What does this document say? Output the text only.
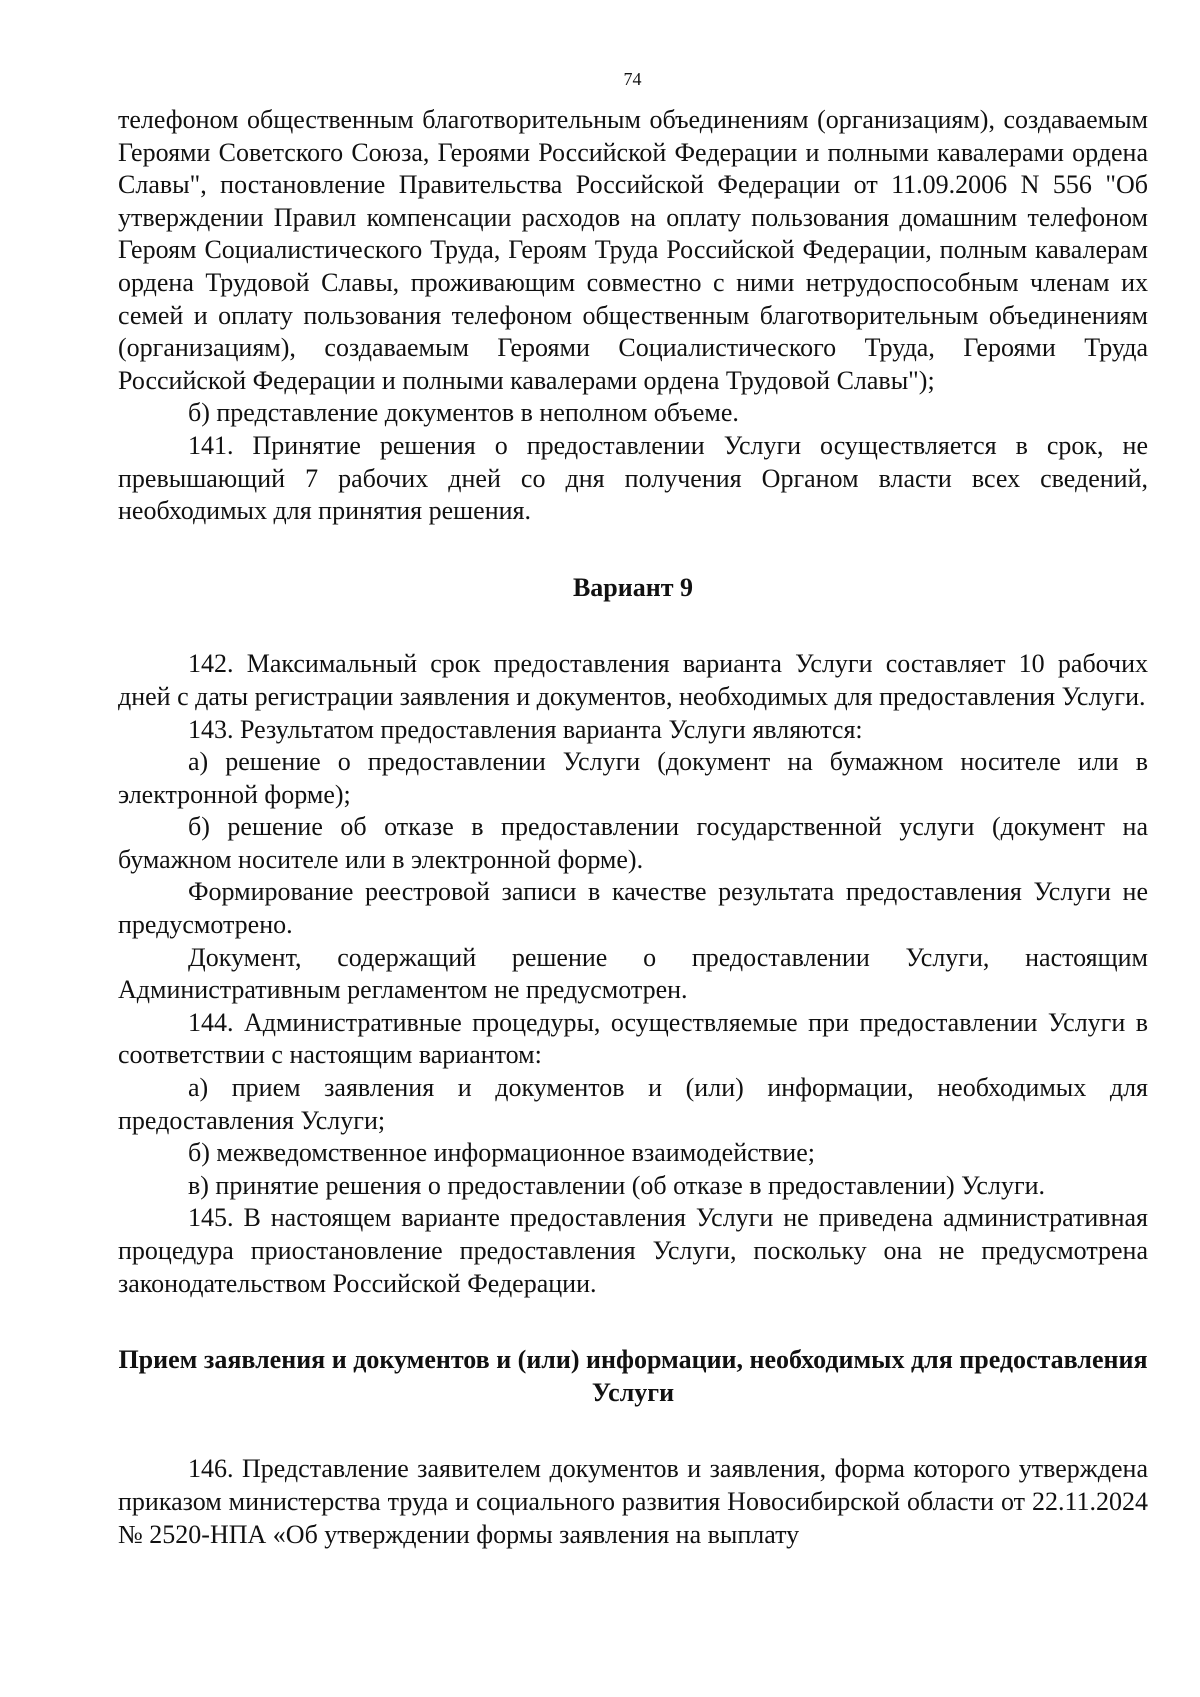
74

телефоном общественным благотворительным объединениям (организациям), создаваемым Героями Советского Союза, Героями Российской Федерации и полными кавалерами ордена Славы", постановление Правительства Российской Федерации от 11.09.2006 N 556 "Об утверждении Правил компенсации расходов на оплату пользования домашним телефоном Героям Социалистического Труда, Героям Труда Российской Федерации, полным кавалерам ордена Трудовой Славы, проживающим совместно с ними нетрудоспособным членам их семей и оплату пользования телефоном общественным благотворительным объединениям (организациям), создаваемым Героями Социалистического Труда, Героями Труда Российской Федерации и полными кавалерами ордена Трудовой Славы");

б) представление документов в неполном объеме.

141. Принятие решения о предоставлении Услуги осуществляется в срок, не превышающий 7 рабочих дней со дня получения Органом власти всех сведений, необходимых для принятия решения.

Вариант 9

142. Максимальный срок предоставления варианта Услуги составляет 10 рабочих дней с даты регистрации заявления и документов, необходимых для предоставления Услуги.

143. Результатом предоставления варианта Услуги являются:

а) решение о предоставлении Услуги (документ на бумажном носителе или в электронной форме);

б) решение об отказе в предоставлении государственной услуги (документ на бумажном носителе или в электронной форме).

Формирование реестровой записи в качестве результата предоставления Услуги не предусмотрено.

Документ, содержащий решение о предоставлении Услуги, настоящим Административным регламентом не предусмотрен.

144. Административные процедуры, осуществляемые при предоставлении Услуги в соответствии с настоящим вариантом:

а) прием заявления и документов и (или) информации, необходимых для предоставления Услуги;

б) межведомственное информационное взаимодействие;

в) принятие решения о предоставлении (об отказе в предоставлении) Услуги.

145. В настоящем варианте предоставления Услуги не приведена административная процедура приостановление предоставления Услуги, поскольку она не предусмотрена законодательством Российской Федерации.

Прием заявления и документов и (или) информации, необходимых для предоставления Услуги

146. Представление заявителем документов и заявления, форма которого утверждена приказом министерства труда и социального развития Новосибирской области от 22.11.2024 № 2520-НПА «Об утверждении формы заявления на выплату
